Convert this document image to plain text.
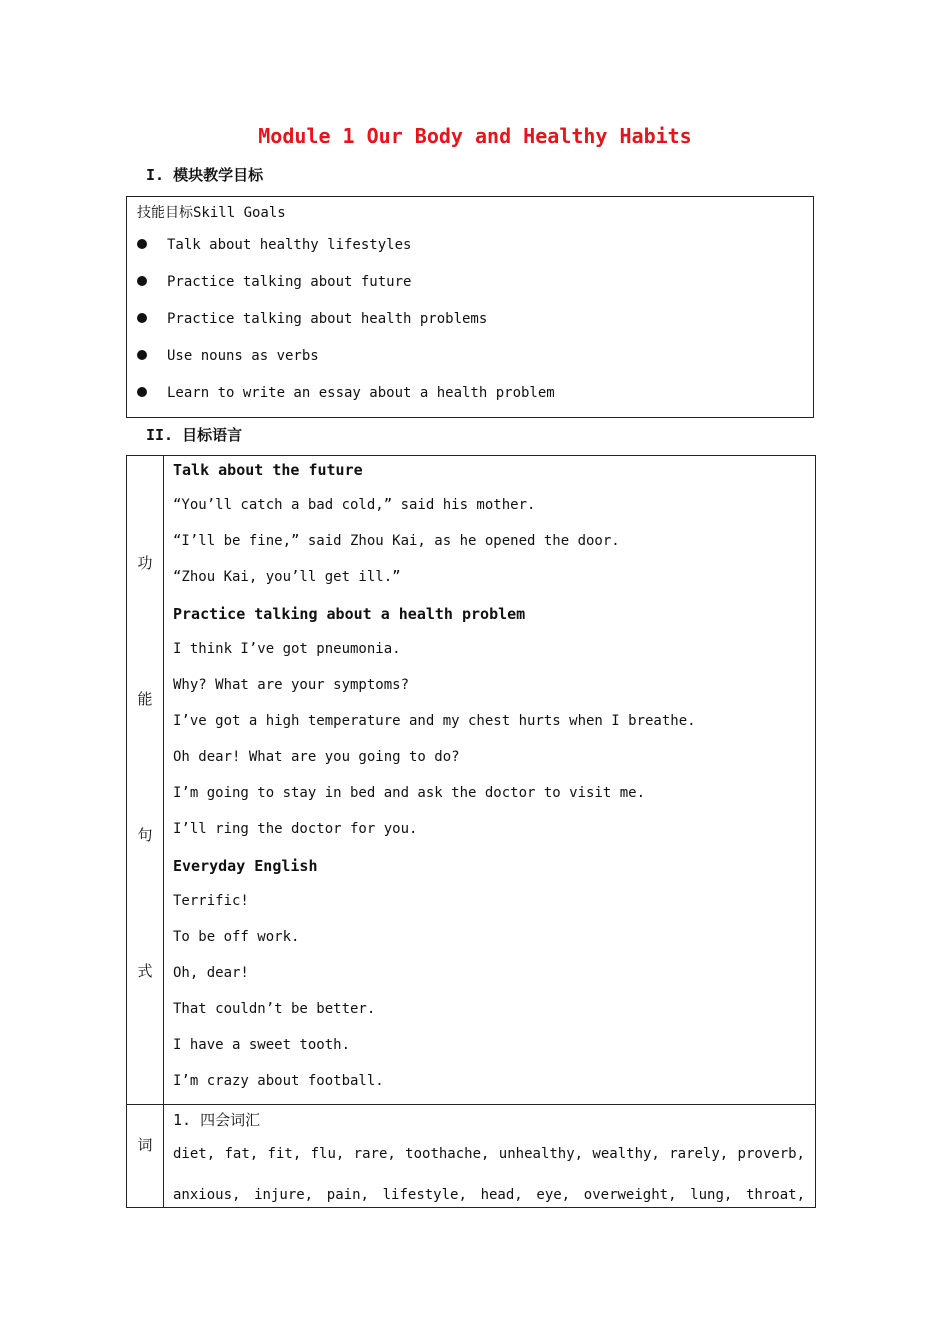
Module 1 Our Body and Healthy Habits
I. 模块教学目标
技能目标Skill Goals
Talk about healthy lifestyles
Practice talking about future
Practice talking about health problems
Use nouns as verbs
Learn to write an essay about a health problem
II. 目标语言
功
能
句
式
Talk about the future
“You’ll catch a bad cold,” said his mother.
“I’ll be fine,” said Zhou Kai, as he opened the door.
“Zhou Kai, you’ll get ill.”
Practice talking about a health problem
I think I’ve got pneumonia.
Why? What are your symptoms?
I’ve got a high temperature and my chest hurts when I breathe.
Oh dear! What are you going to do?
I’m going to stay in bed and ask the doctor to visit me.
I’ll ring the doctor for you.
Everyday English
Terrific!
To be off work.
Oh, dear!
That couldn’t be better.
I have a sweet tooth.
I’m crazy about football.
词
1. 四会词汇
diet, fat, fit, flu, rare, toothache, unhealthy, wealthy, rarely, proverb,
anxious, injure, pain, lifestyle, head, eye, overweight, lung, throat,
